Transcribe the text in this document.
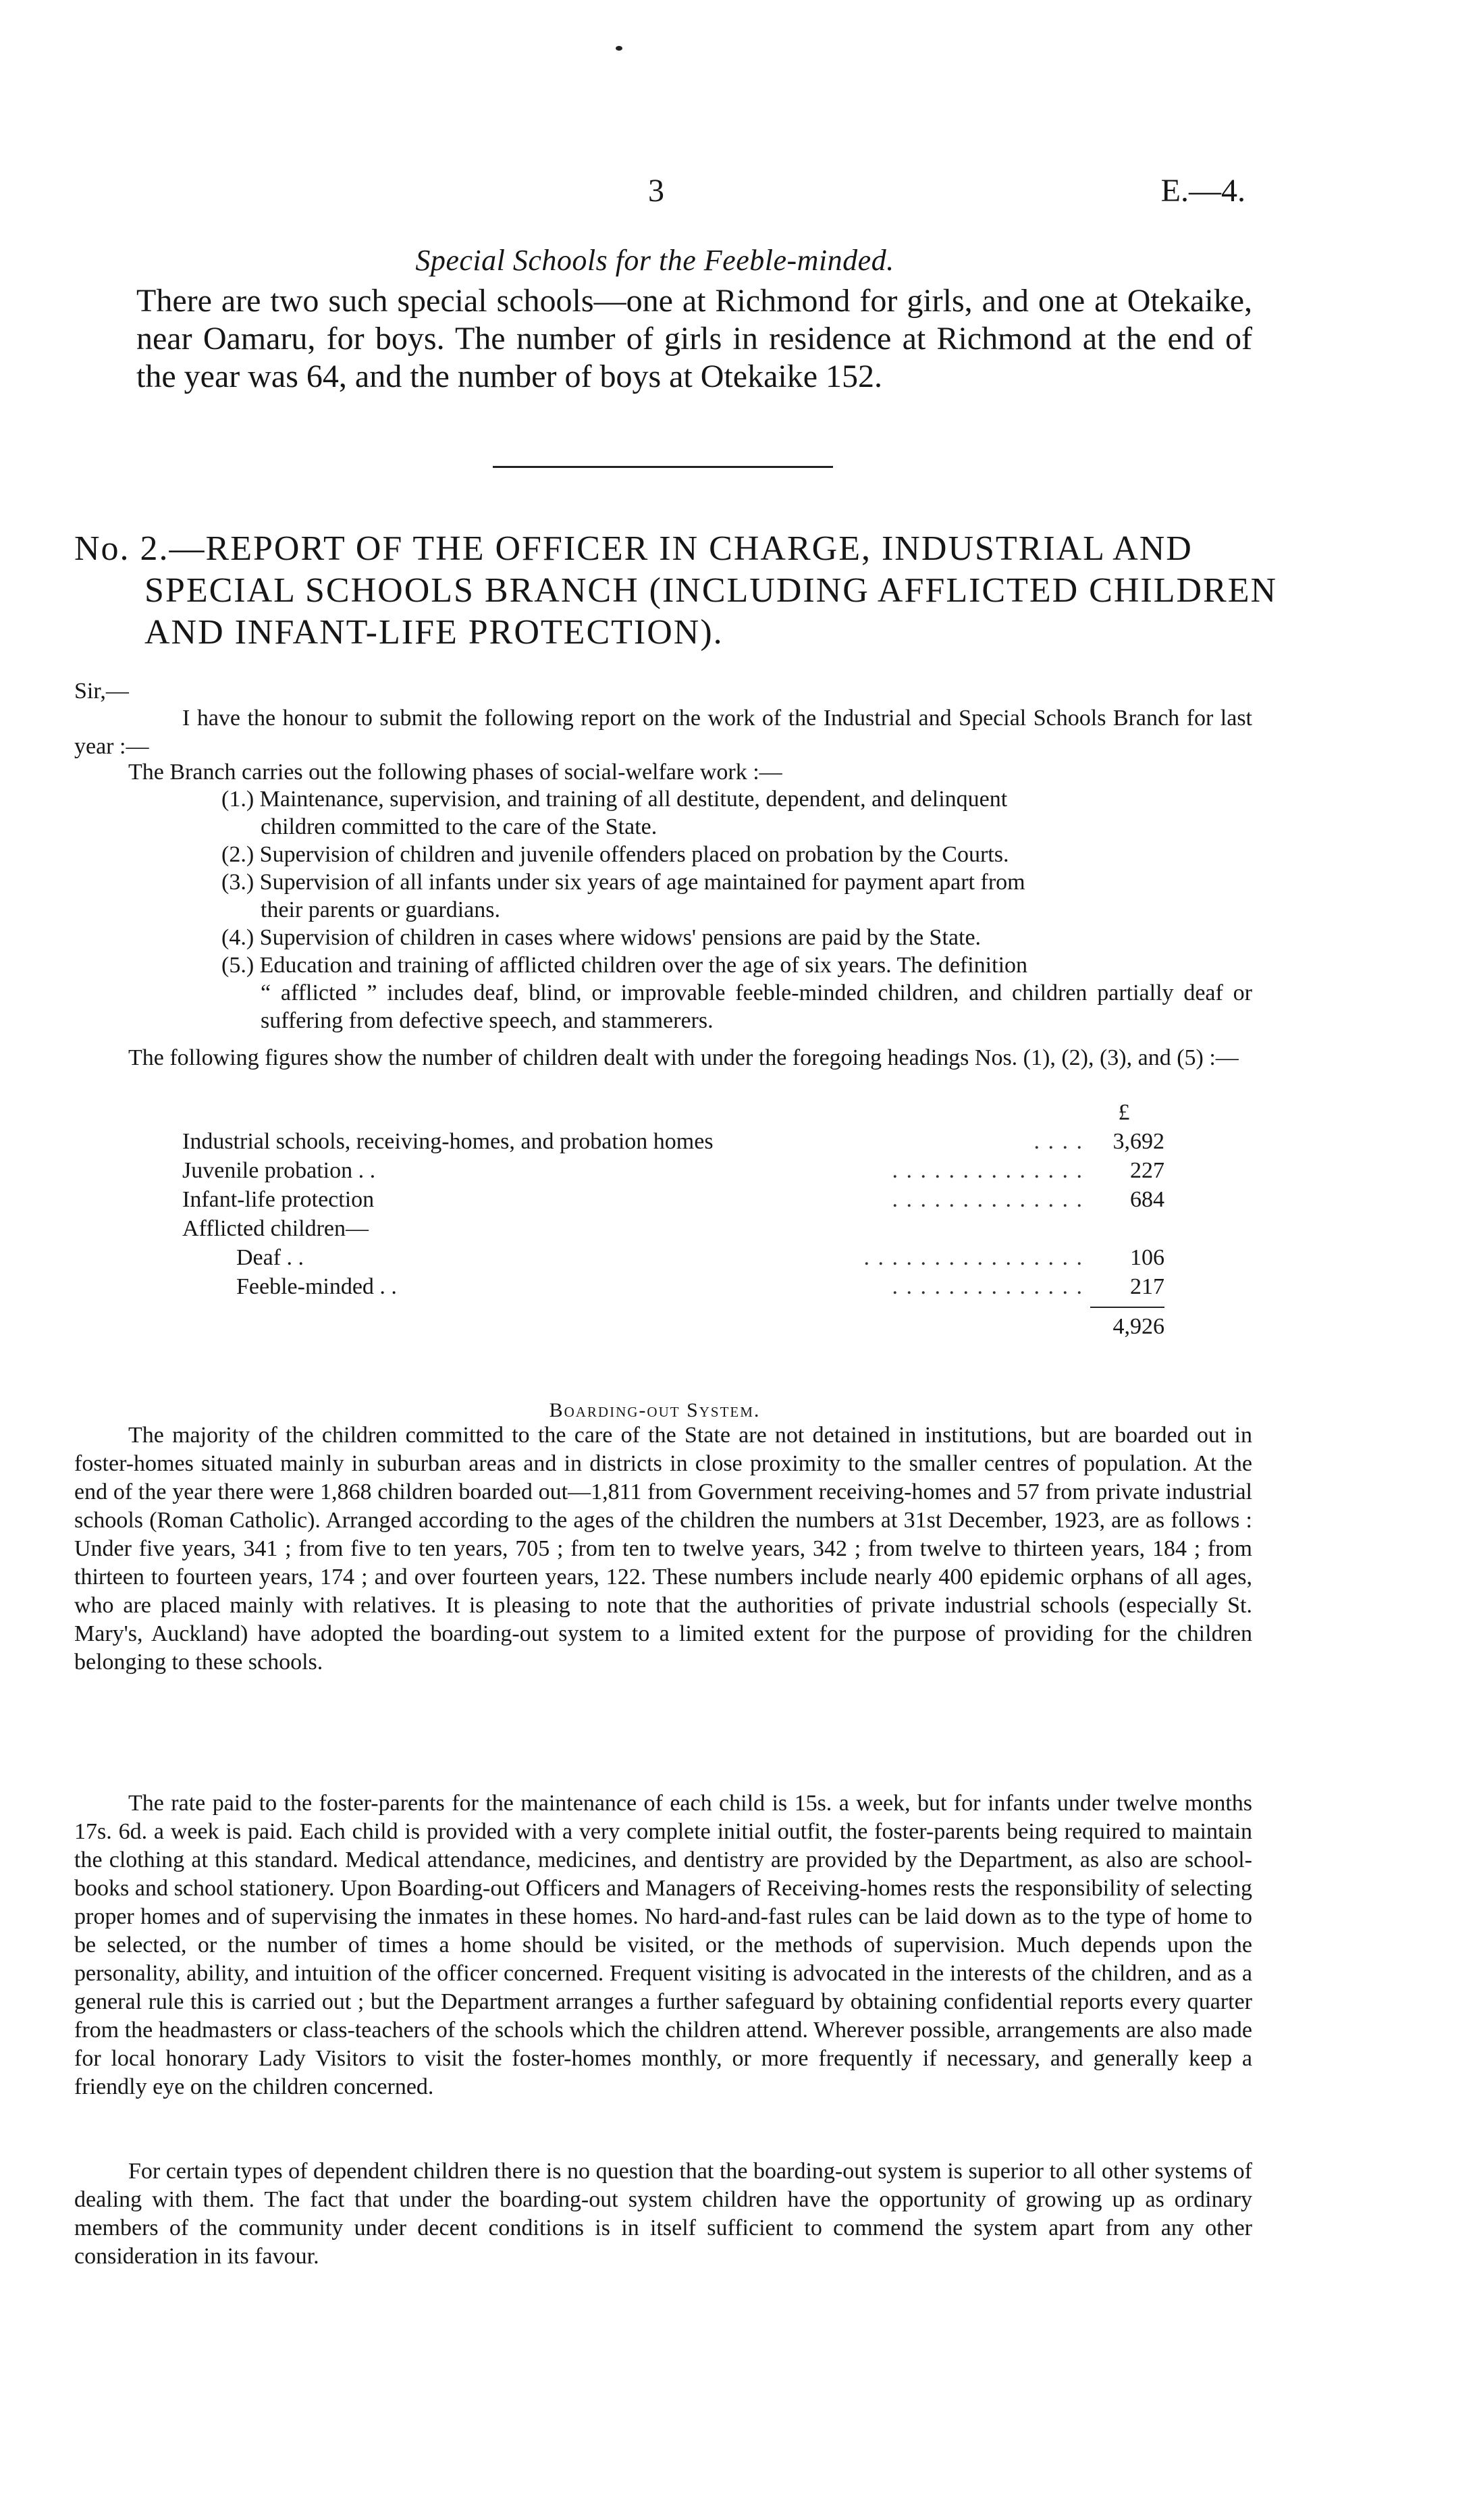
3	E.—4.
Special Schools for the Feeble-minded.
There are two such special schools—one at Richmond for girls, and one at Otekaike, near Oamaru, for boys. The number of girls in residence at Richmond at the end of the year was 64, and the number of boys at Otekaike 152.
No. 2.—REPORT OF THE OFFICER IN CHARGE, INDUSTRIAL AND
SPECIAL SCHOOLS BRANCH (INCLUDING AFFLICTED CHILDREN
AND INFANT-LIFE PROTECTION).
Sir,—
I have the honour to submit the following report on the work of the Industrial and Special Schools Branch for last year :—
The Branch carries out the following phases of social-welfare work :—
(1.) Maintenance, supervision, and training of all destitute, dependent, and delinquent
children committed to the care of the State.
(2.) Supervision of children and juvenile offenders placed on probation by the Courts.
(3.) Supervision of all infants under six years of age maintained for payment apart from
their parents or guardians.
(4.) Supervision of children in cases where widows' pensions are paid by the State.
(5.) Education and training of afflicted children over the age of six years. The definition
“ afflicted ” includes deaf, blind, or improvable feeble-minded children, and children partially deaf or suffering from defective speech, and stammerers.
The following figures show the number of children dealt with under the foregoing headings Nos. (1), (2), (3), and (5) :—
£
Industrial schools, receiving-homes, and probation homes	. . . .	3,692
Juvenile probation . .	. . . . . . . . . . . . . .	227
Infant-life protection	. . . . . . . . . . . . . .	684
Afflicted children—
Deaf . .	. . . . . . . . . . . . . . . .	106
Feeble-minded . .	. . . . . . . . . . . . . .	217
4,926
Boarding-out System.
The majority of the children committed to the care of the State are not detained in institutions, but are boarded out in foster-homes situated mainly in suburban areas and in districts in close proximity to the smaller centres of population. At the end of the year there were 1,868 children boarded out—1,811 from Government receiving-homes and 57 from private industrial schools (Roman Catholic). Arranged according to the ages of the children the numbers at 31st December, 1923, are as follows : Under five years, 341 ; from five to ten years, 705 ; from ten to twelve years, 342 ; from twelve to thirteen years, 184 ; from thirteen to fourteen years, 174 ; and over fourteen years, 122. These numbers include nearly 400 epidemic orphans of all ages, who are placed mainly with relatives. It is pleasing to note that the authorities of private industrial schools (especially St. Mary's, Auckland) have adopted the boarding-out system to a limited extent for the purpose of providing for the children belonging to these schools.
The rate paid to the foster-parents for the maintenance of each child is 15s. a week, but for infants under twelve months 17s. 6d. a week is paid. Each child is provided with a very complete initial outfit, the foster-parents being required to maintain the clothing at this standard. Medical attendance, medicines, and dentistry are provided by the Department, as also are school-books and school stationery. Upon Boarding-out Officers and Managers of Receiving-homes rests the responsibility of selecting proper homes and of supervising the inmates in these homes. No hard-and-fast rules can be laid down as to the type of home to be selected, or the number of times a home should be visited, or the methods of supervision. Much depends upon the personality, ability, and intuition of the officer concerned. Frequent visiting is advocated in the interests of the children, and as a general rule this is carried out ; but the Department arranges a further safeguard by obtaining confidential reports every quarter from the headmasters or class-teachers of the schools which the children attend. Wherever possible, arrangements are also made for local honorary Lady Visitors to visit the foster-homes monthly, or more frequently if necessary, and generally keep a friendly eye on the children concerned.
For certain types of dependent children there is no question that the boarding-out system is superior to all other systems of dealing with them. The fact that under the boarding-out system children have the opportunity of growing up as ordinary members of the community under decent conditions is in itself sufficient to commend the system apart from any other consideration in its favour.
